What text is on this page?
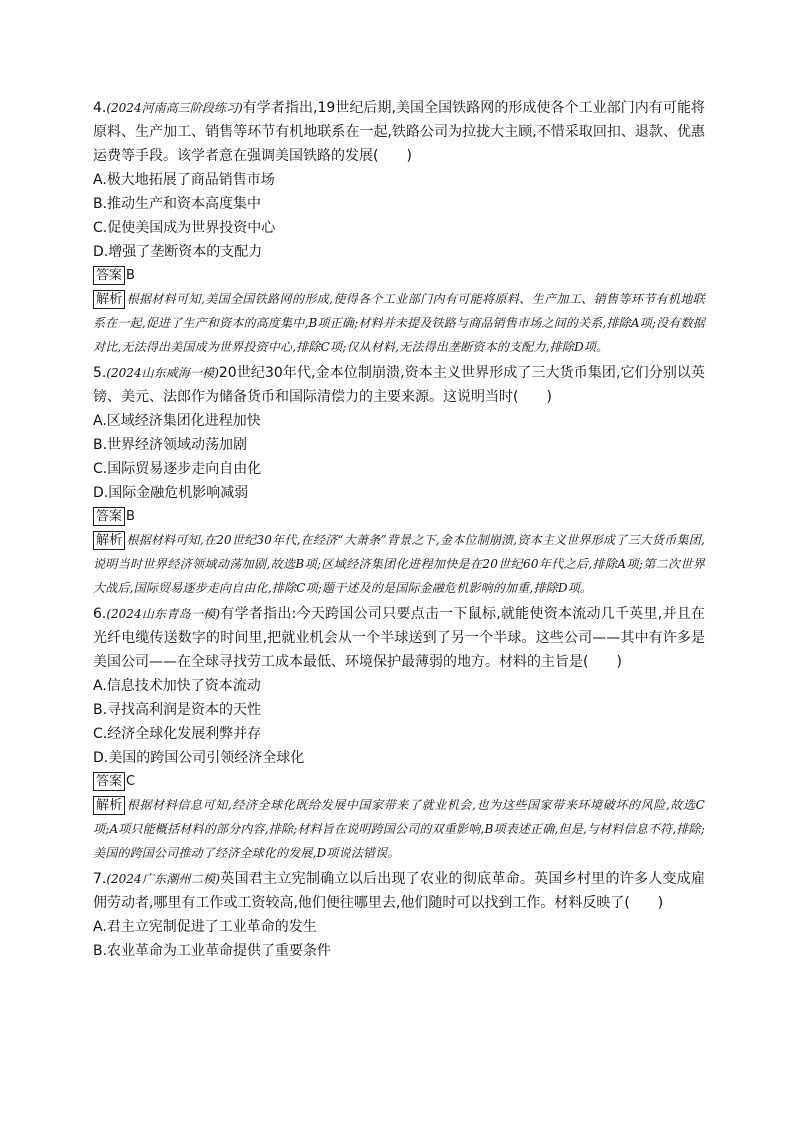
4.(2024河南高三阶段练习)有学者指出,19世纪后期,美国全国铁路网的形成使各个工业部门内有可能将原料、生产加工、销售等环节有机地联系在一起,铁路公司为拉拢大主顾,不惜采取回扣、退款、优惠运费等手段。该学者意在强调美国铁路的发展(　　)

A.极大地拓展了商品销售市场

B.推动生产和资本高度集中

C.促使美国成为世界投资中心

D.增强了垄断资本的支配力

答案 B

解析 根据材料可知,美国全国铁路网的形成,使得各个工业部门内有可能将原料、生产加工、销售等环节有机地联系在一起,促进了生产和资本的高度集中,B项正确;材料并未提及铁路与商品销售市场之间的关系,排除A项;没有数据对比,无法得出美国成为世界投资中心,排除C项;仅从材料,无法得出垄断资本的支配力,排除D项。

5.(2024山东威海一模)20世纪30年代,金本位制崩溃,资本主义世界形成了三大货币集团,它们分别以英镑、美元、法郎作为储备货币和国际清偿力的主要来源。这说明当时(　　)

A.区域经济集团化进程加快

B.世界经济领域动荡加剧

C.国际贸易逐步走向自由化

D.国际金融危机影响减弱

答案 B

解析 根据材料可知,在20世纪30年代,在经济“大萧条”背景之下,金本位制崩溃,资本主义世界形成了三大货币集团,说明当时世界经济领域动荡加剧,故选B项;区域经济集团化进程加快是在20世纪60年代之后,排除A项;第二次世界大战后,国际贸易逐步走向自由化,排除C项;题干述及的是国际金融危机影响的加重,排除D项。

6.(2024山东青岛一模)有学者指出:今天跨国公司只要点击一下鼠标,就能使资本流动几千英里,并且在光纤电缆传送数字的时间里,把就业机会从一个半球送到了另一个半球。这些公司——其中有许多是美国公司——在全球寻找劳工成本最低、环境保护最薄弱的地方。材料的主旨是(　　)

A.信息技术加快了资本流动

B.寻找高利润是资本的天性

C.经济全球化发展利弊并存

D.美国的跨国公司引领经济全球化

答案 C

解析 根据材料信息可知,经济全球化既给发展中国家带来了就业机会,也为这些国家带来环境破坏的风险,故选C项;A项只能概括材料的部分内容,排除;材料旨在说明跨国公司的双重影响,B项表述正确,但是,与材料信息不符,排除;美国的跨国公司推动了经济全球化的发展,D项说法错误。

7.(2024广东潮州二模)英国君主立宪制确立以后出现了农业的彻底革命。英国乡村里的许多人变成雇佣劳动者,哪里有工作或工资较高,他们便往哪里去,他们随时可以找到工作。材料反映了(　　)

A.君主立宪制促进了工业革命的发生

B.农业革命为工业革命提供了重要条件
